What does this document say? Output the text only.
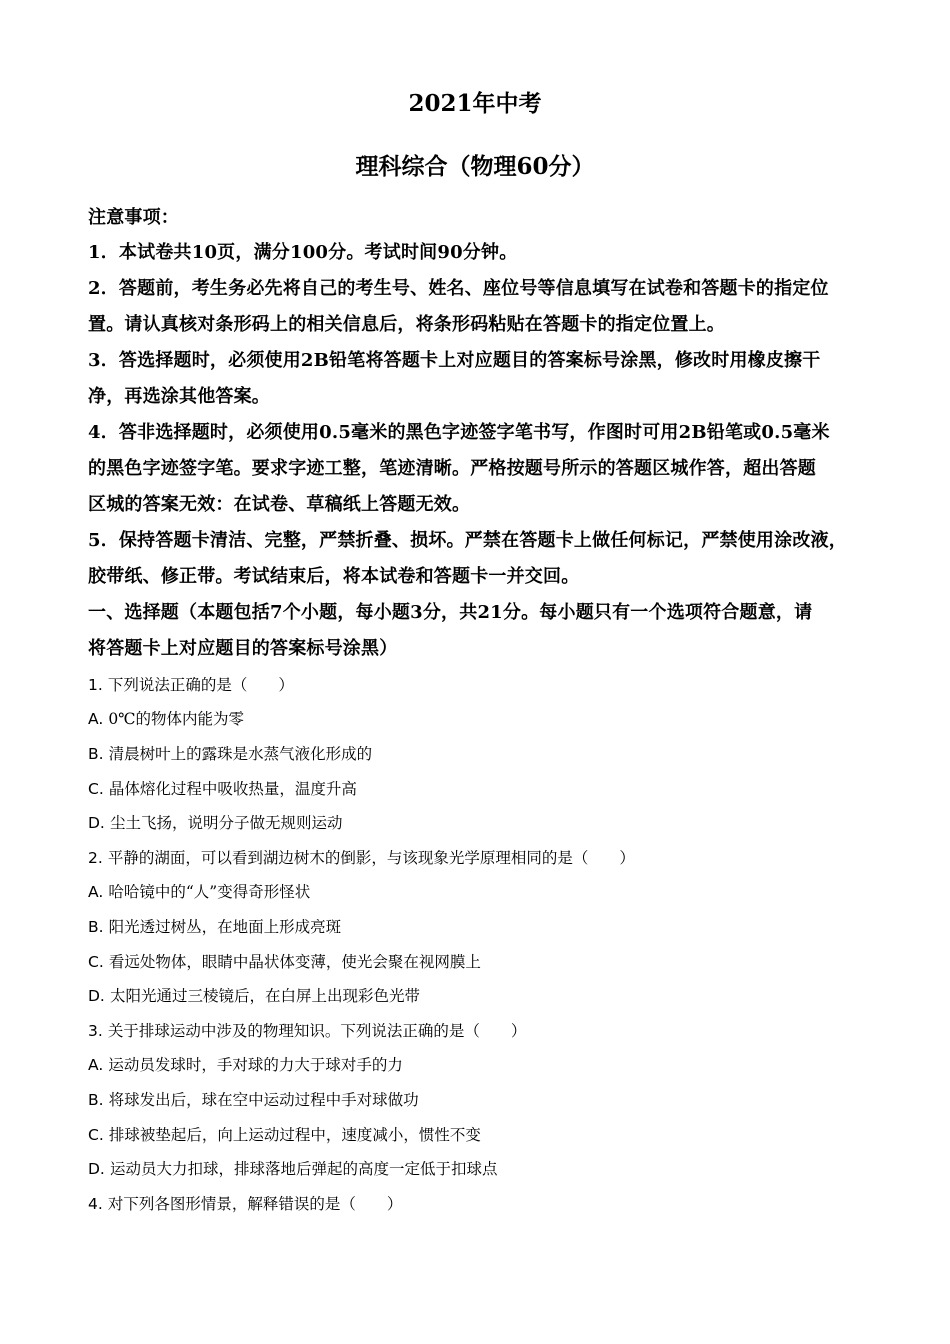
2021年中考
理科综合（物理60分）
注意事项：
1．本试卷共10页，满分100分。考试时间90分钟。
2．答题前，考生务必先将自己的考生号、姓名、座位号等信息填写在试卷和答题卡的指定位
置。请认真核对条形码上的相关信息后，将条形码粘贴在答题卡的指定位置上。
3．答选择题时，必须使用2B铅笔将答题卡上对应题目的答案标号涂黑，修改时用橡皮擦干
净，再选涂其他答案。
4．答非选择题时，必须使用0.5毫米的黑色字迹签字笔书写，作图时可用2B铅笔或0.5毫米
的黑色字迹签字笔。要求字迹工整，笔迹清晰。严格按题号所示的答题区城作答，超出答题
区城的答案无效：在试卷、草稿纸上答题无效。
5．保持答题卡清洁、完整，严禁折叠、损坏。严禁在答题卡上做任何标记，严禁使用涂改液，
胶带纸、修正带。考试结束后，将本试卷和答题卡一并交回。
一、选择题（本题包括7个小题，每小题3分，共21分。每小题只有一个选项符合题意，请
将答题卡上对应题目的答案标号涂黑）
1. 下列说法正确的是（　　）
A. 0℃的物体内能为零
B. 清晨树叶上的露珠是水蒸气液化形成的
C. 晶体熔化过程中吸收热量，温度升高
D. 尘土飞扬，说明分子做无规则运动
2. 平静的湖面，可以看到湖边树木的倒影，与该现象光学原理相同的是（　　）
A. 哈哈镜中的“人”变得奇形怪状
B. 阳光透过树丛，在地面上形成亮斑
C. 看远处物体，眼睛中晶状体变薄，使光会聚在视网膜上
D. 太阳光通过三棱镜后，在白屏上出现彩色光带
3. 关于排球运动中涉及的物理知识。下列说法正确的是（　　）
A. 运动员发球时，手对球的力大于球对手的力
B. 将球发出后，球在空中运动过程中手对球做功
C. 排球被垫起后，向上运动过程中，速度减小，惯性不变
D. 运动员大力扣球，排球落地后弹起的高度一定低于扣球点
4. 对下列各图形情景，解释错误的是（　　）
